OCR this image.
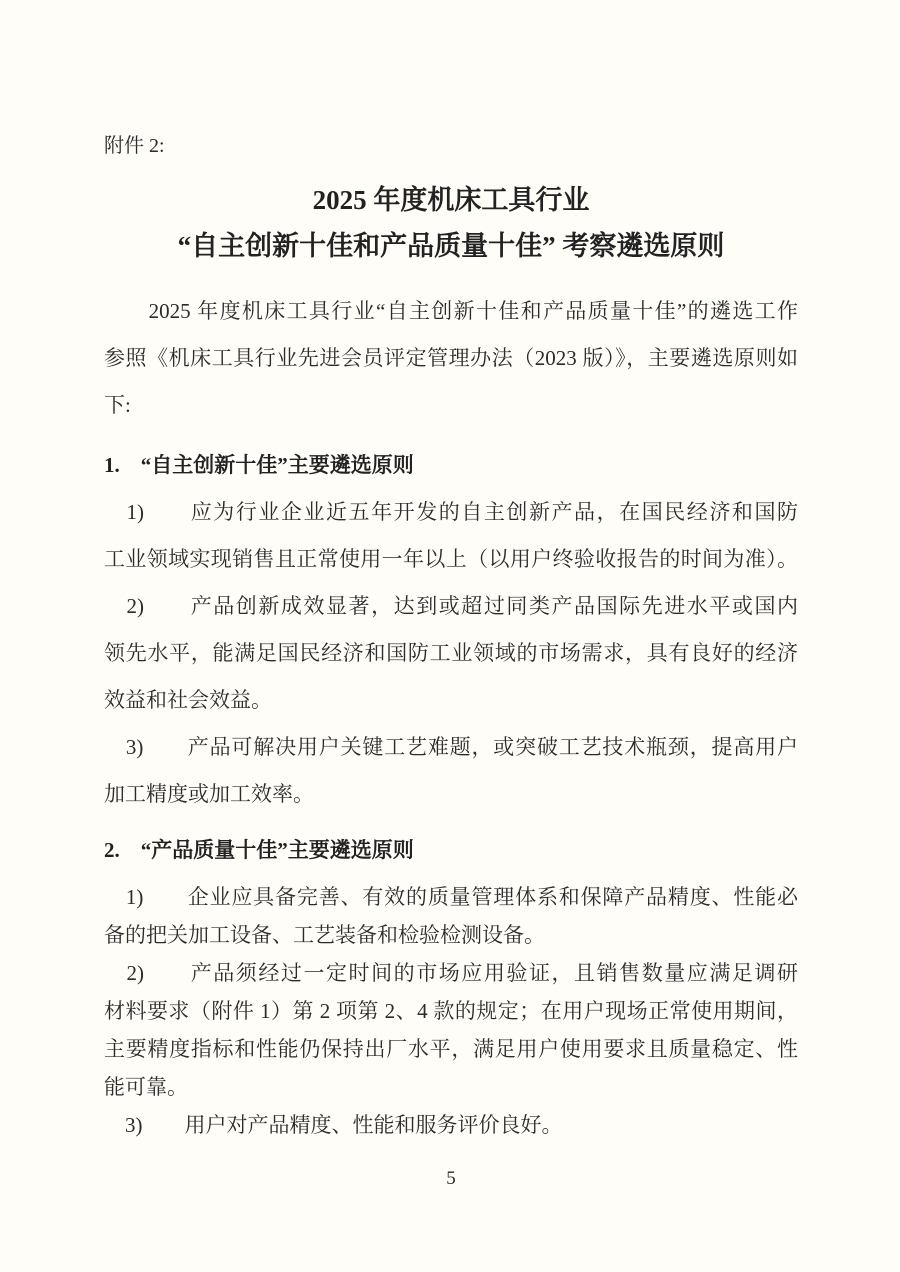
附件 2:
2025 年度机床工具行业
“自主创新十佳和产品质量十佳” 考察遴选原则
　　2025 年度机床工具行业“自主创新十佳和产品质量十佳”的遴选工作
参照《机床工具行业先进会员评定管理办法（2023 版）》，主要遴选原则如
下:
1.　“自主创新十佳”主要遴选原则
　1)　　应为行业企业近五年开发的自主创新产品，在国民经济和国防
工业领域实现销售且正常使用一年以上（以用户终验收报告的时间为准）。
　2)　　产品创新成效显著，达到或超过同类产品国际先进水平或国内
领先水平，能满足国民经济和国防工业领域的市场需求，具有良好的经济
效益和社会效益。
　3)　　产品可解决用户关键工艺难题，或突破工艺技术瓶颈，提高用户
加工精度或加工效率。
2.　“产品质量十佳”主要遴选原则
　1)　　企业应具备完善、有效的质量管理体系和保障产品精度、性能必
备的把关加工设备、工艺装备和检验检测设备。
　2)　　产品须经过一定时间的市场应用验证，且销售数量应满足调研
材料要求（附件 1）第 2 项第 2、4 款的规定；在用户现场正常使用期间，
主要精度指标和性能仍保持出厂水平，满足用户使用要求且质量稳定、性
能可靠。
　3)　　用户对产品精度、性能和服务评价良好。
5
